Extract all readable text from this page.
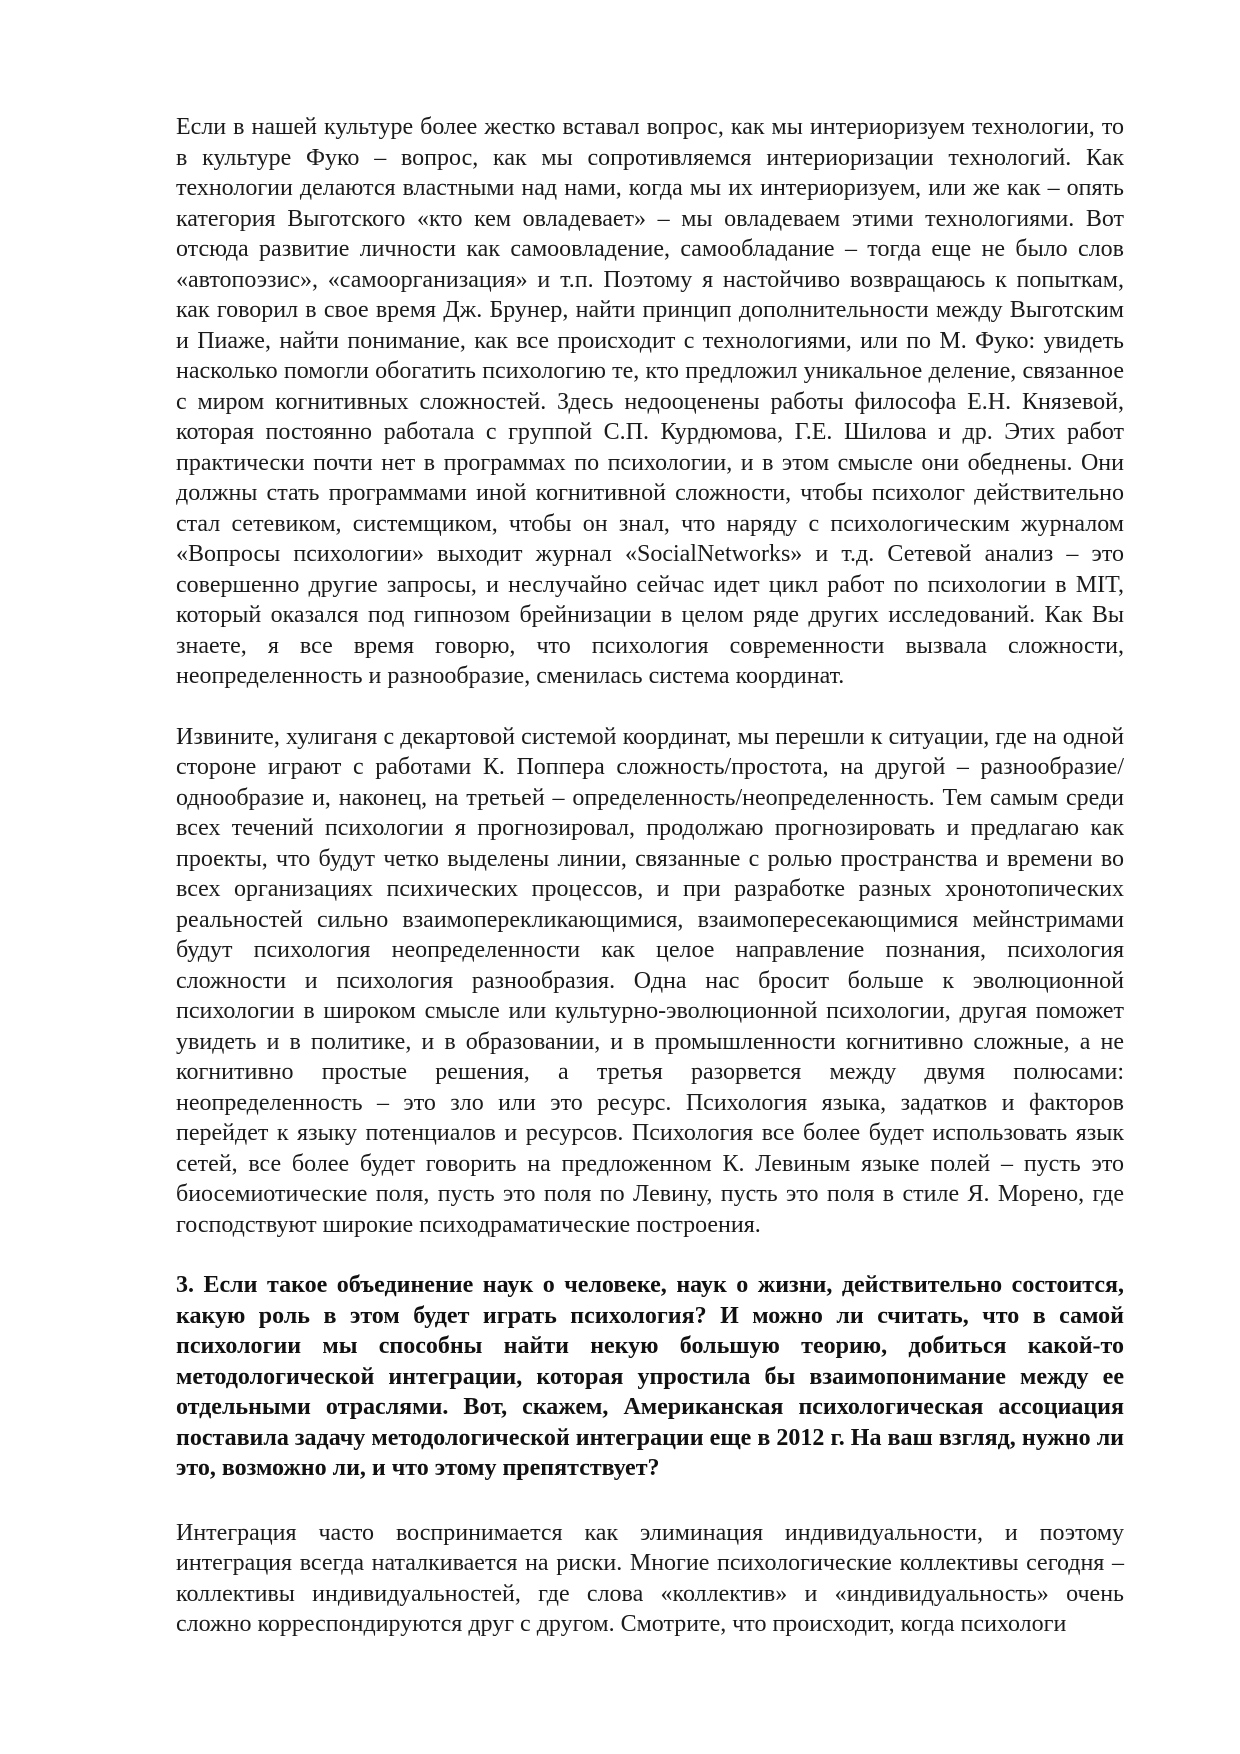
Если в нашей культуре более жестко вставал вопрос, как мы интериоризуем технологии, то в культуре Фуко – вопрос, как мы сопротивляемся интериоризации технологий. Как технологии делаются властными над нами, когда мы их интериоризуем, или же как – опять категория Выготского «кто кем овладевает» – мы овладеваем этими технологиями. Вот отсюда развитие личности как самоовладение, самообладание – тогда еще не было слов «автопоэзис», «самоорганизация» и т.п. Поэтому я настойчиво возвращаюсь к попыткам, как говорил в свое время Дж. Брунер, найти принцип дополнительности между Выготским и Пиаже, найти понимание, как все происходит с технологиями, или по М. Фуко: увидеть насколько помогли обогатить психологию те, кто предложил уникальное деление, связанное с миром когнитивных сложностей. Здесь недооценены работы философа Е.Н. Князевой, которая постоянно работала с группой С.П. Курдюмова, Г.Е. Шилова и др. Этих работ практически почти нет в программах по психологии, и в этом смысле они обеднены. Они должны стать программами иной когнитивной сложности, чтобы психолог действительно стал сетевиком, системщиком, чтобы он знал, что наряду с психологическим журналом «Вопросы психологии» выходит журнал «SocialNetworks» и т.д. Сетевой анализ – это совершенно другие запросы, и неслучайно сейчас идет цикл работ по психологии в MIT, который оказался под гипнозом брейнизации в целом ряде других исследований. Как Вы знаете, я все время говорю, что психология современности вызвала сложности, неопределенность и разнообразие, сменилась система координат.

Извините, хулиганя с декартовой системой координат, мы перешли к ситуации, где на одной стороне играют с работами К. Поппера сложность/простота, на другой – разнообразие/однообразие и, наконец, на третьей – определенность/неопределенность. Тем самым среди всех течений психологии я прогнозировал, продолжаю прогнозировать и предлагаю как проекты, что будут четко выделены линии, связанные с ролью пространства и времени во всех организациях психических процессов, и при разработке разных хронотопических реальностей сильно взаимоперекликающимися, взаимопересекающимися мейнстримами будут психология неопределенности как целое направление познания, психология сложности и психология разнообразия. Одна нас бросит больше к эволюционной психологии в широком смысле или культурно-эволюционной психологии, другая поможет увидеть и в политике, и в образовании, и в промышленности когнитивно сложные, а не когнитивно простые решения, а третья разорвется между двумя полюсами: неопределенность – это зло или это ресурс. Психология языка, задатков и факторов перейдет к языку потенциалов и ресурсов. Психология все более будет использовать язык сетей, все более будет говорить на предложенном К. Левиным языке полей – пусть это биосемиотические поля, пусть это поля по Левину, пусть это поля в стиле Я. Морено, где господствуют широкие психодраматические построения.

3. Если такое объединение наук о человеке, наук о жизни, действительно состоится, какую роль в этом будет играть психология? И можно ли считать, что в самой психологии мы способны найти некую большую теорию, добиться какой-то методологической интеграции, которая упростила бы взаимопонимание между ее отдельными отраслями. Вот, скажем, Американская психологическая ассоциация поставила задачу методологической интеграции еще в 2012 г. На ваш взгляд, нужно ли это, возможно ли, и что этому препятствует?

Интеграция часто воспринимается как элиминация индивидуальности, и поэтому интеграция всегда наталкивается на риски. Многие психологические коллективы сегодня – коллективы индивидуальностей, где слова «коллектив» и «индивидуальность» очень сложно корреспондируются друг с другом. Смотрите, что происходит, когда психологи
